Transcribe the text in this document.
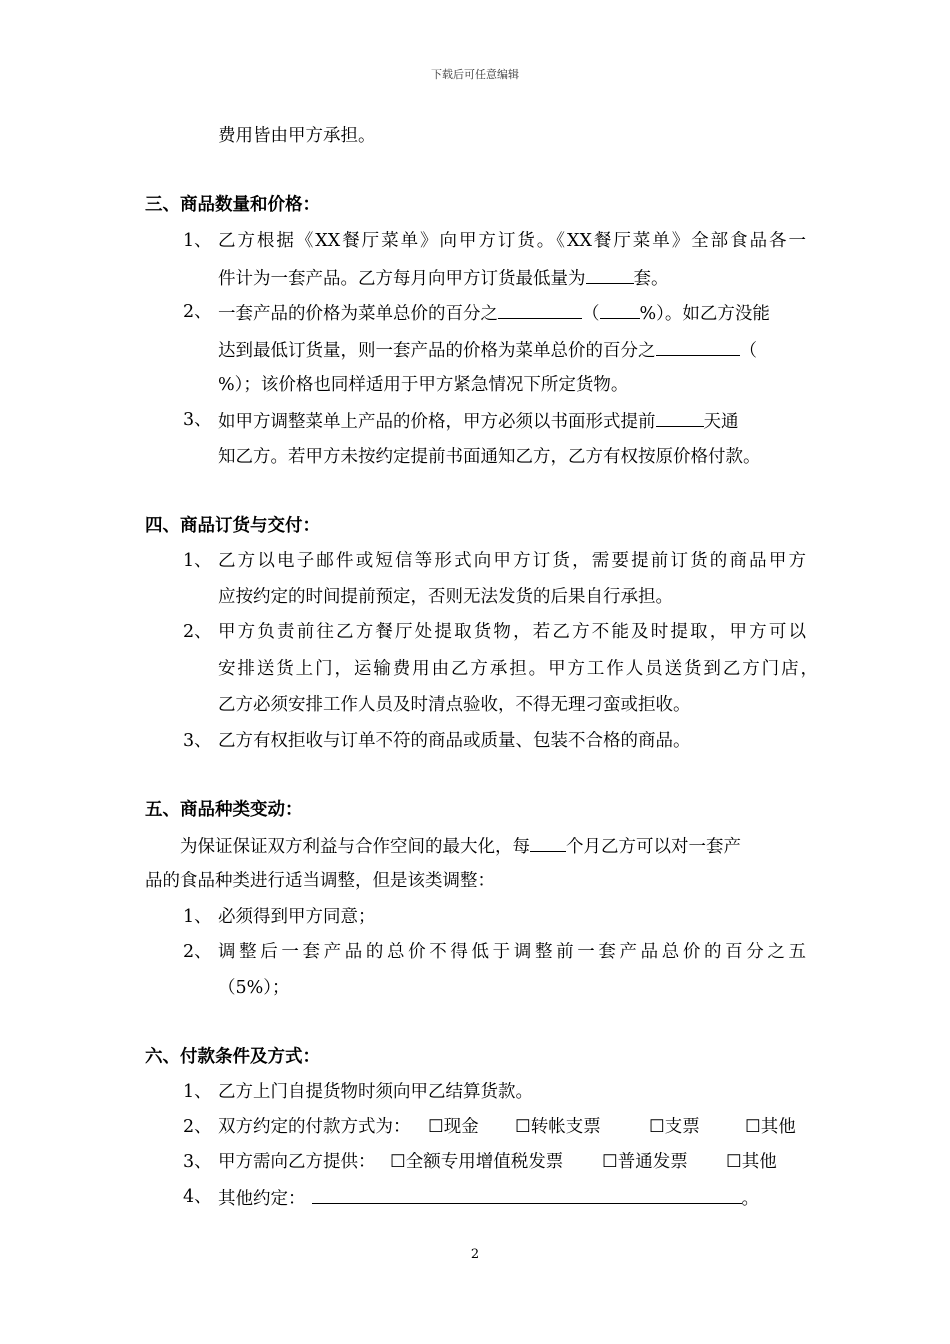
下载后可任意编辑
费用皆由甲方承担。
三、商品数量和价格：
1、 乙方根据《XX餐厅菜单》向甲方订货。《XX餐厅菜单》全部食品各一
件计为一套产品。乙方每月向甲方订货最低量为	套。
2、 一套产品的价格为菜单总价的百分之	（ %）。如乙方没能
达到最低订货量，则一套产品的价格为菜单总价的百分之	（
%）；该价格也同样适用于甲方紧急情况下所定货物。
3、 如甲方调整菜单上产品的价格，甲方必须以书面形式提前	天通
知乙方。若甲方未按约定提前书面通知乙方，乙方有权按原价格付款。
四、商品订货与交付：
1、 乙方以电子邮件或短信等形式向甲方订货，需要提前订货的商品甲方
应按约定的时间提前预定，否则无法发货的后果自行承担。
2、 甲方负责前往乙方餐厅处提取货物，若乙方不能及时提取，甲方可以
安排送货上门，运输费用由乙方承担。甲方工作人员送货到乙方门店，
乙方必须安排工作人员及时清点验收，不得无理刁蛮或拒收。
3、 乙方有权拒收与订单不符的商品或质量、包装不合格的商品。
五、商品种类变动：
为保证保证双方利益与合作空间的最大化，每 个月乙方可以对一套产
品的食品种类进行适当调整，但是该类调整：
1、 必须得到甲方同意；
2、 调整后一套产品的总价不得低于调整前一套产品总价的百分之五
（5%）；
六、付款条件及方式：
1、 乙方上门自提货物时须向甲乙结算货款。
2、 双方约定的付款方式为： ☐现金 ☐转帐支票	☐支票	☐其他
3、 甲方需向乙方提供： ☐全额专用增值税发票 ☐普通发票 ☐其他
4、 其他约定：	。
2
